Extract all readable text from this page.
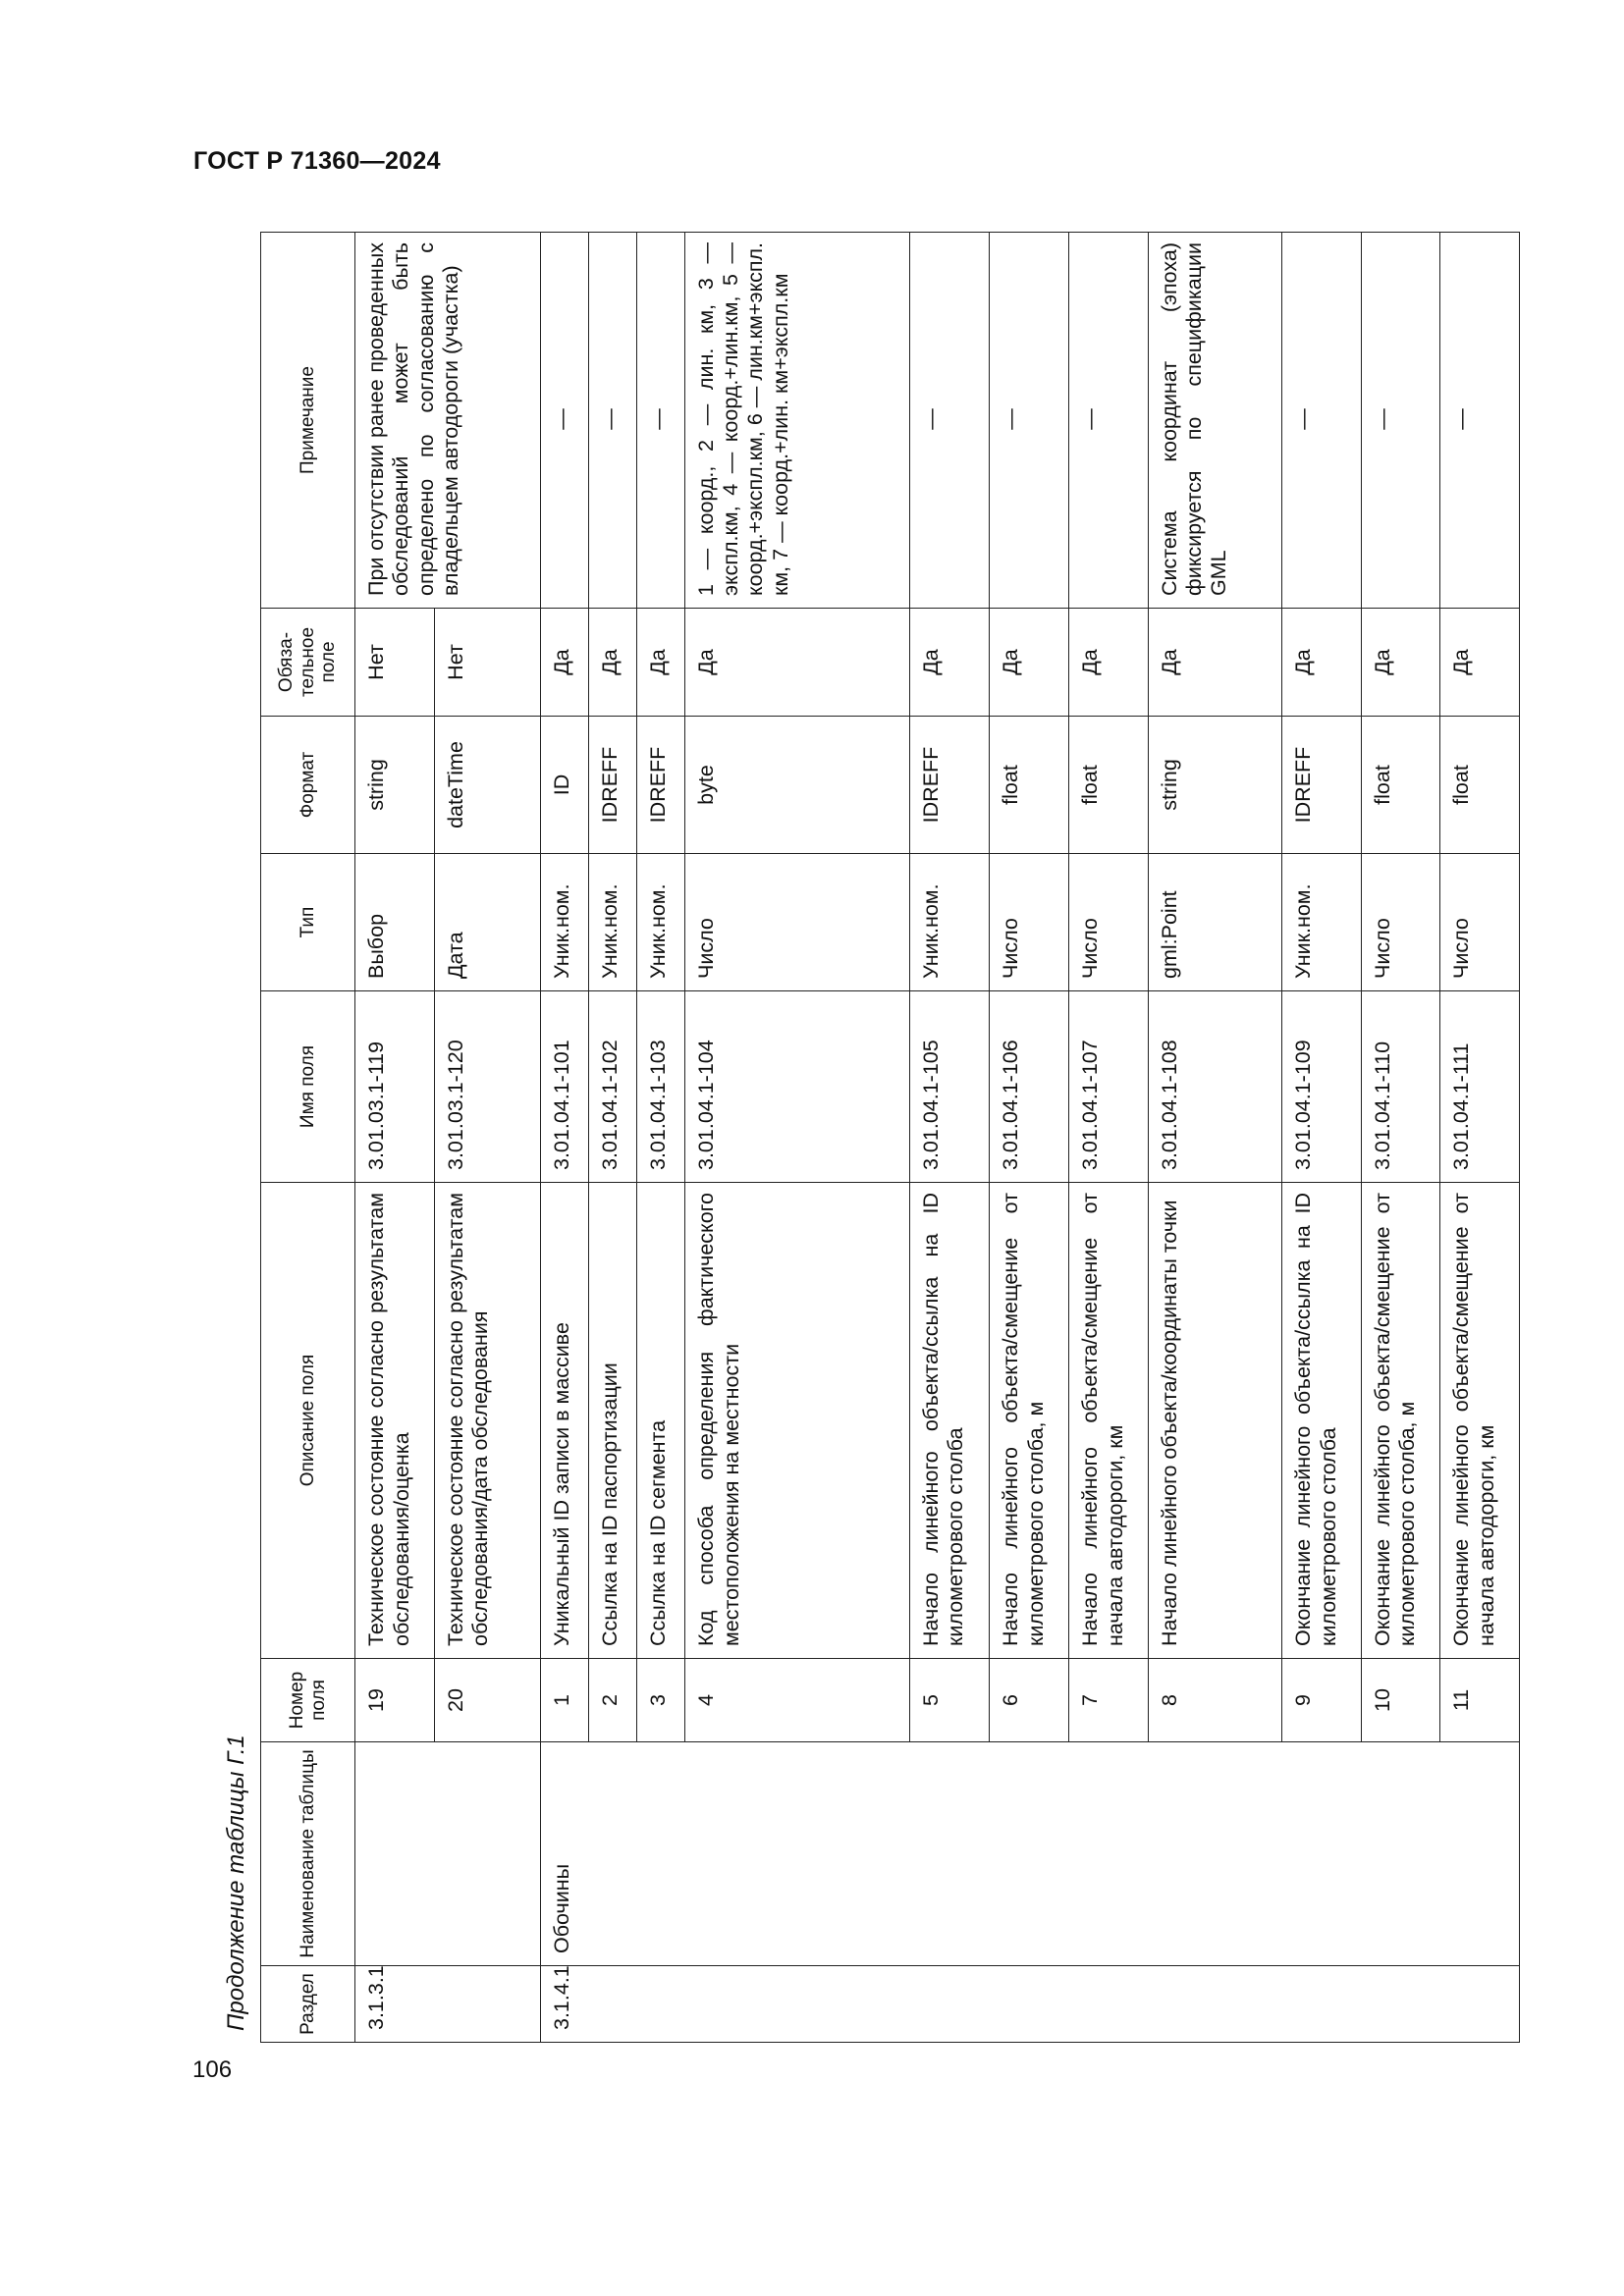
ГОСТ Р 71360—2024
106
Продолжение таблицы Г.1	Раздел	Наименование таблицы	Номер поля	Описание поля	Имя поля	Тип	Формат	Обяза-тельное поле	Примечание
3.1.3.1		19	Техническое состояние согласно результатам обследования/оценка	3.01.03.1-119	Выбор	string	Нет	При отсутствии ранее проведенных обследований может быть определено по согласованию с владельцем автодороги (участка)
		20	Техническое состояние согласно результатам обследования/дата обследования	3.01.03.1-120	Дата	dateTime	Нет	
3.1.4.1	Обочины	1	Уникальный ID записи в массиве	3.01.04.1-101	Уник.ном.	ID	Да	—
		2	Ссылка на ID паспортизации	3.01.04.1-102	Уник.ном.	IDREFF	Да	—
		3	Ссылка на ID сегмента	3.01.04.1-103	Уник.ном.	IDREFF	Да	—
		4	Код способа определения фактического местоположения на местности	3.01.04.1-104	Число	byte	Да	1 — коорд., 2 — лин. км, 3 — экспл.км, 4 — коорд.+лин.км, 5 — коорд.+экспл.км, 6 — лин.км+экспл. км, 7 — коорд.+лин. км+экспл.км
		5	Начало линейного объекта/ссылка на ID километрового столба	3.01.04.1-105	Уник.ном.	IDREFF	Да	—
		6	Начало линейного объекта/смещение от километрового столба, м	3.01.04.1-106	Число	float	Да	—
		7	Начало линейного объекта/смещение от начала автодороги, км	3.01.04.1-107	Число	float	Да	—
		8	Начало линейного объекта/координаты точки	3.01.04.1-108	gml:Point	string	Да	Система координат (эпоха) фиксируется по спецификации GML
		9	Окончание линейного объекта/ссылка на ID километрового столба	3.01.04.1-109	Уник.ном.	IDREFF	Да	—
		10	Окончание линейного объекта/смещение от километрового столба, м	3.01.04.1-110	Число	float	Да	—
		11	Окончание линейного объекта/смещение от начала автодороги, км	3.01.04.1-111	Число	float	Да	—
